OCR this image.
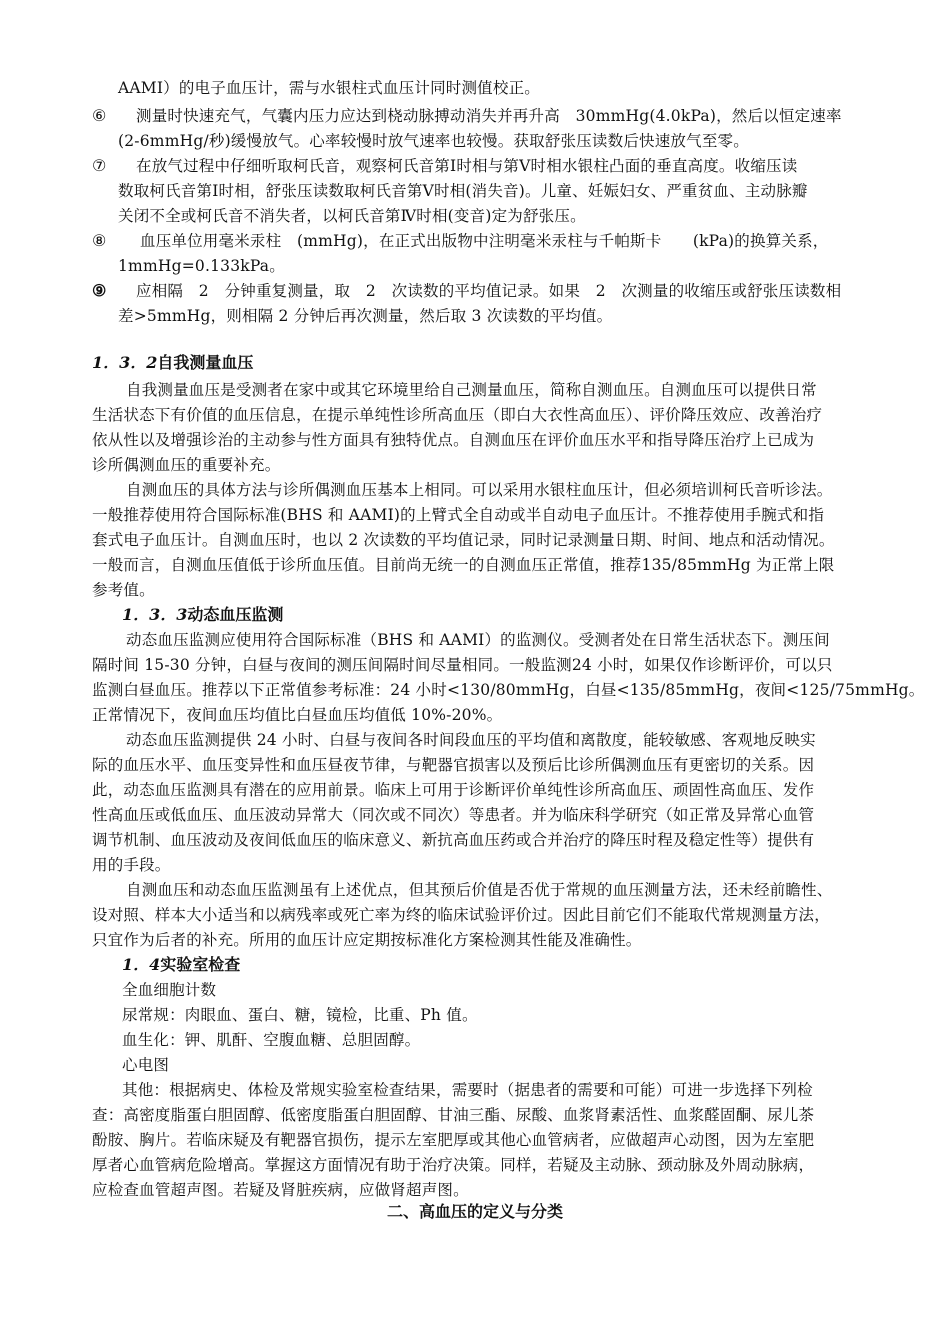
AAMI）的电子血压计，需与水银柱式血压计同时测值校正。
⑥ 测量时快速充气，气囊内压力应达到桡动脉搏动消失并再升高　30mmHg(4.0kPa)，然后以恒定速率
(2-6mmHg/秒)缓慢放气。心率较慢时放气速率也较慢。获取舒张压读数后快速放气至零。
⑦ 在放气过程中仔细听取柯氏音，观察柯氏音第Ⅰ时相与第Ⅴ时相水银柱凸面的垂直高度。收缩压读
数取柯氏音第Ⅰ时相，舒张压读数取柯氏音第Ⅴ时相(消失音)。儿童、妊娠妇女、严重贫血、主动脉瓣
关闭不全或柯氏音不消失者，以柯氏音第Ⅳ时相(变音)定为舒张压。
⑧ 血压单位用毫米汞柱　(mmHg)，在正式出版物中注明毫米汞柱与千帕斯卡　　(kPa)的换算关系，
1mmHg=0.133kPa。
⑨ 应相隔　2　分钟重复测量，取　2　次读数的平均值记录。如果　2　次测量的收缩压或舒张压读数相
差>5mmHg，则相隔 2 分钟后再次测量，然后取 3 次读数的平均值。
1．3．2自我测量血压
自我测量血压是受测者在家中或其它环境里给自己测量血压，简称自测血压。自测血压可以提供日常
生活状态下有价值的血压信息，在提示单纯性诊所高血压（即白大衣性高血压）、评价降压效应、改善治疗
依从性以及增强诊治的主动参与性方面具有独特优点。自测血压在评价血压水平和指导降压治疗上已成为
诊所偶测血压的重要补充。
自测血压的具体方法与诊所偶测血压基本上相同。可以采用水银柱血压计，但必须培训柯氏音听诊法。
一般推荐使用符合国际标准(BHS 和 AAMI)的上臂式全自动或半自动电子血压计。不推荐使用手腕式和指
套式电子血压计。自测血压时，也以 2 次读数的平均值记录，同时记录测量日期、时间、地点和活动情况。
一般而言，自测血压值低于诊所血压值。目前尚无统一的自测血压正常值，推荐135/85mmHg 为正常上限
参考值。
1．3．3动态血压监测
动态血压监测应使用符合国际标准（BHS 和 AAMI）的监测仪。受测者处在日常生活状态下。测压间
隔时间 15-30 分钟，白昼与夜间的测压间隔时间尽量相同。一般监测24 小时，如果仅作诊断评价，可以只
监测白昼血压。推荐以下正常值参考标准：24 小时<130/80mmHg，白昼<135/85mmHg，夜间<125/75mmHg。
正常情况下，夜间血压均值比白昼血压均值低 10%-20%。
动态血压监测提供 24 小时、白昼与夜间各时间段血压的平均值和离散度，能较敏感、客观地反映实
际的血压水平、血压变异性和血压昼夜节律，与靶器官损害以及预后比诊所偶测血压有更密切的关系。因
此，动态血压监测具有潜在的应用前景。临床上可用于诊断评价单纯性诊所高血压、顽固性高血压、发作
性高血压或低血压、血压波动异常大（同次或不同次）等患者。并为临床科学研究（如正常及异常心血管
调节机制、血压波动及夜间低血压的临床意义、新抗高血压药或合并治疗的降压时程及稳定性等）提供有
用的手段。
自测血压和动态血压监测虽有上述优点，但其预后价值是否优于常规的血压测量方法，还未经前瞻性、
设对照、样本大小适当和以病残率或死亡率为终的临床试验评价过。因此目前它们不能取代常规测量方法，
只宜作为后者的补充。所用的血压计应定期按标准化方案检测其性能及准确性。
1．4实验室检查
全血细胞计数
尿常规：肉眼血、蛋白、糖，镜检，比重、Ph 值。
血生化：钾、肌酐、空腹血糖、总胆固醇。
心电图
其他：根据病史、体检及常规实验室检查结果，需要时（据患者的需要和可能）可进一步选择下列检
查：高密度脂蛋白胆固醇、低密度脂蛋白胆固醇、甘油三酯、尿酸、血浆肾素活性、血浆醛固酮、尿儿茶
酚胺、胸片。若临床疑及有靶器官损伤，提示左室肥厚或其他心血管病者，应做超声心动图，因为左室肥
厚者心血管病危险增高。掌握这方面情况有助于治疗决策。同样，若疑及主动脉、颈动脉及外周动脉病，
应检查血管超声图。若疑及肾脏疾病，应做肾超声图。
二、高血压的定义与分类
